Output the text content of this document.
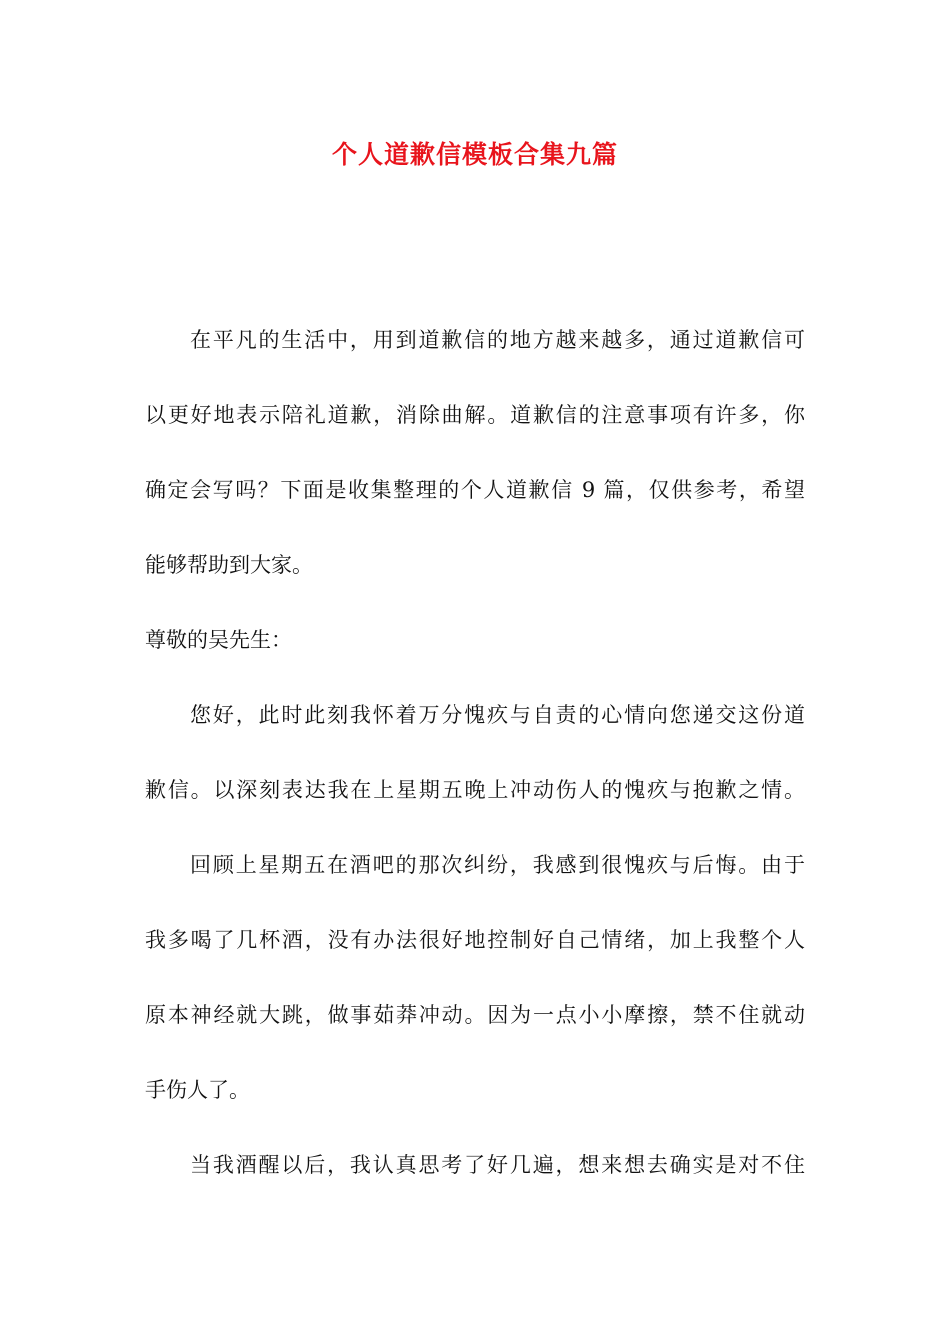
个人道歉信模板合集九篇
在平凡的生活中，用到道歉信的地方越来越多，通过道歉信可
以更好地表示陪礼道歉，消除曲解。道歉信的注意事项有许多，你
确定会写吗？下面是收集整理的个人道歉信 9 篇，仅供参考，希望
能够帮助到大家。
尊敬的吴先生：
您好，此时此刻我怀着万分愧疚与自责的心情向您递交这份道
歉信。以深刻表达我在上星期五晚上冲动伤人的愧疚与抱歉之情。
回顾上星期五在酒吧的那次纠纷，我感到很愧疚与后悔。由于
我多喝了几杯酒，没有办法很好地控制好自己情绪，加上我整个人
原本神经就大跳，做事茹莽冲动。因为一点小小摩擦，禁不住就动
手伤人了。
当我酒醒以后，我认真思考了好几遍，想来想去确实是对不住
